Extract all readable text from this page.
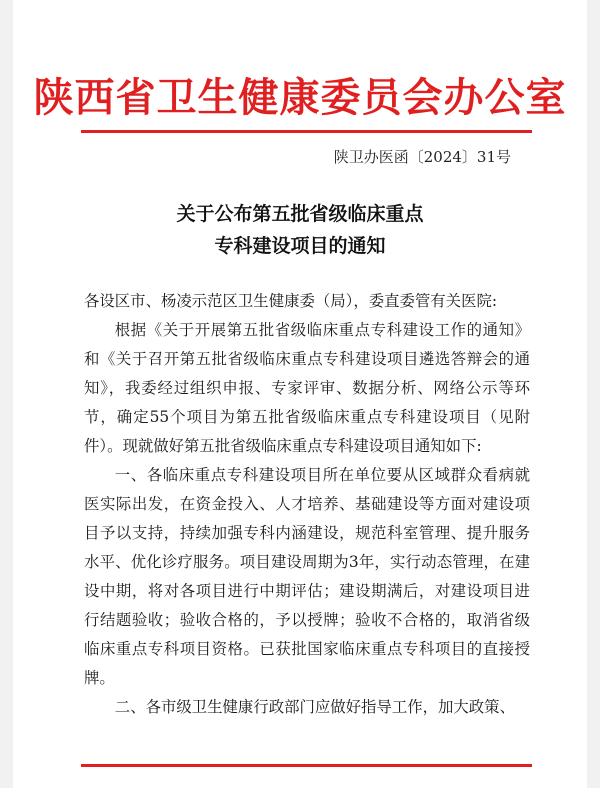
陕西省卫生健康委员会办公室
陕卫办医函〔2024〕31号
关于公布第五批省级临床重点
专科建设项目的通知

各设区市、杨凌示范区卫生健康委（局），委直委管有关医院:

根据《关于开展第五批省级临床重点专科建设工作的通知》和《关于召开第五批省级临床重点专科建设项目遴选答辩会的通知》，我委经过组织申报、专家评审、数据分析、网络公示等环节，确定55个项目为第五批省级临床重点专科建设项目（见附件）。现就做好第五批省级临床重点专科建设项目通知如下:

一、各临床重点专科建设项目所在单位要从区域群众看病就医实际出发，在资金投入、人才培养、基础建设等方面对建设项目予以支持，持续加强专科内涵建设，规范科室管理、提升服务水平、优化诊疗服务。项目建设周期为3年，实行动态管理，在建设中期，将对各项目进行中期评估；建设期满后，对建设项目进行结题验收；验收合格的，予以授牌；验收不合格的，取消省级临床重点专科项目资格。已获批国家临床重点专科项目的直接授牌。

二、各市级卫生健康行政部门应做好指导工作，加大政策、
